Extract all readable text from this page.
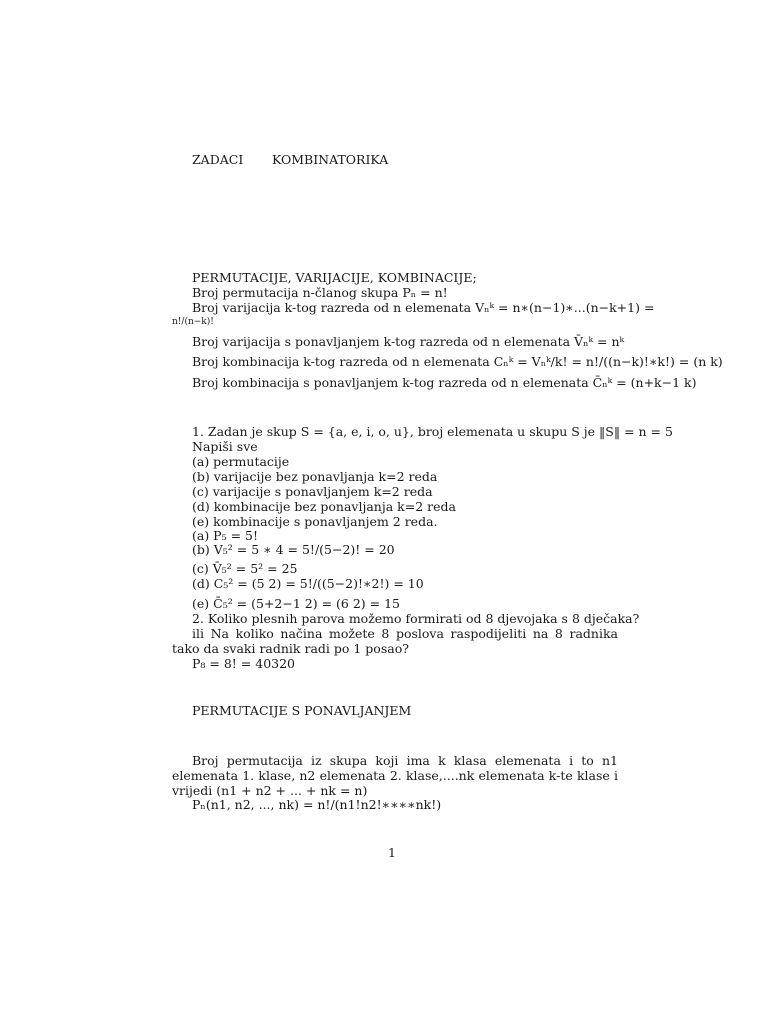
ZADACI KOMBINATORIKA
PERMUTACIJE, VARIJACIJE, KOMBINACIJE;
Broj permutacija n-članog skupa Pₙ = n!
Broj varijacija k-tog razreda od n elemenata Vₙᵏ = n∗(n−1)∗...(n−k+1) =
n!/(n−k)!
Broj varijacija s ponavljanjem k-tog razreda od n elemenata V̄ₙᵏ = nᵏ
Broj kombinacija k-tog razreda od n elemenata Cₙᵏ = Vₙᵏ/k! = n!/((n−k)!∗k!) = (n k)
Broj kombinacija s ponavljanjem k-tog razreda od n elemenata C̄ₙᵏ = (n+k−1 k)
1. Zadan je skup S = {a, e, i, o, u}, broj elemenata u skupu S je ‖S‖ = n = 5
Napiši sve
(a) permutacije
(b) varijacije bez ponavljanja k=2 reda
(c) varijacije s ponavljanjem k=2 reda
(d) kombinacije bez ponavljanja k=2 reda
(e) kombinacije s ponavljanjem 2 reda.
(a) P₅ = 5!
(b) V₅² = 5 ∗ 4 = 5!/(5−2)! = 20
(c) V̄₅² = 5² = 25
(d) C₅² = (5 2) = 5!/((5−2)!∗2!) = 10
(e) C̄₅² = (5+2−1 2) = (6 2) = 15
2. Koliko plesnih parova možemo formirati od 8 djevojaka s 8 dječaka?
ili Na koliko načina možete 8 poslova raspodijeliti na 8 radnika tako da svaki radnik radi po 1 posao?
P₈ = 8! = 40320
PERMUTACIJE S PONAVLJANJEM
Broj permutacija iz skupa koji ima k klasa elemenata i to n1 elemenata 1. klase, n2 elemenata 2. klase,....nk elemenata k-te klase i vrijedi (n1 + n2 + ... + nk = n)
Pₙ(n1, n2, ..., nk) = n!/(n1!n2!∗∗∗∗nk!)
1
